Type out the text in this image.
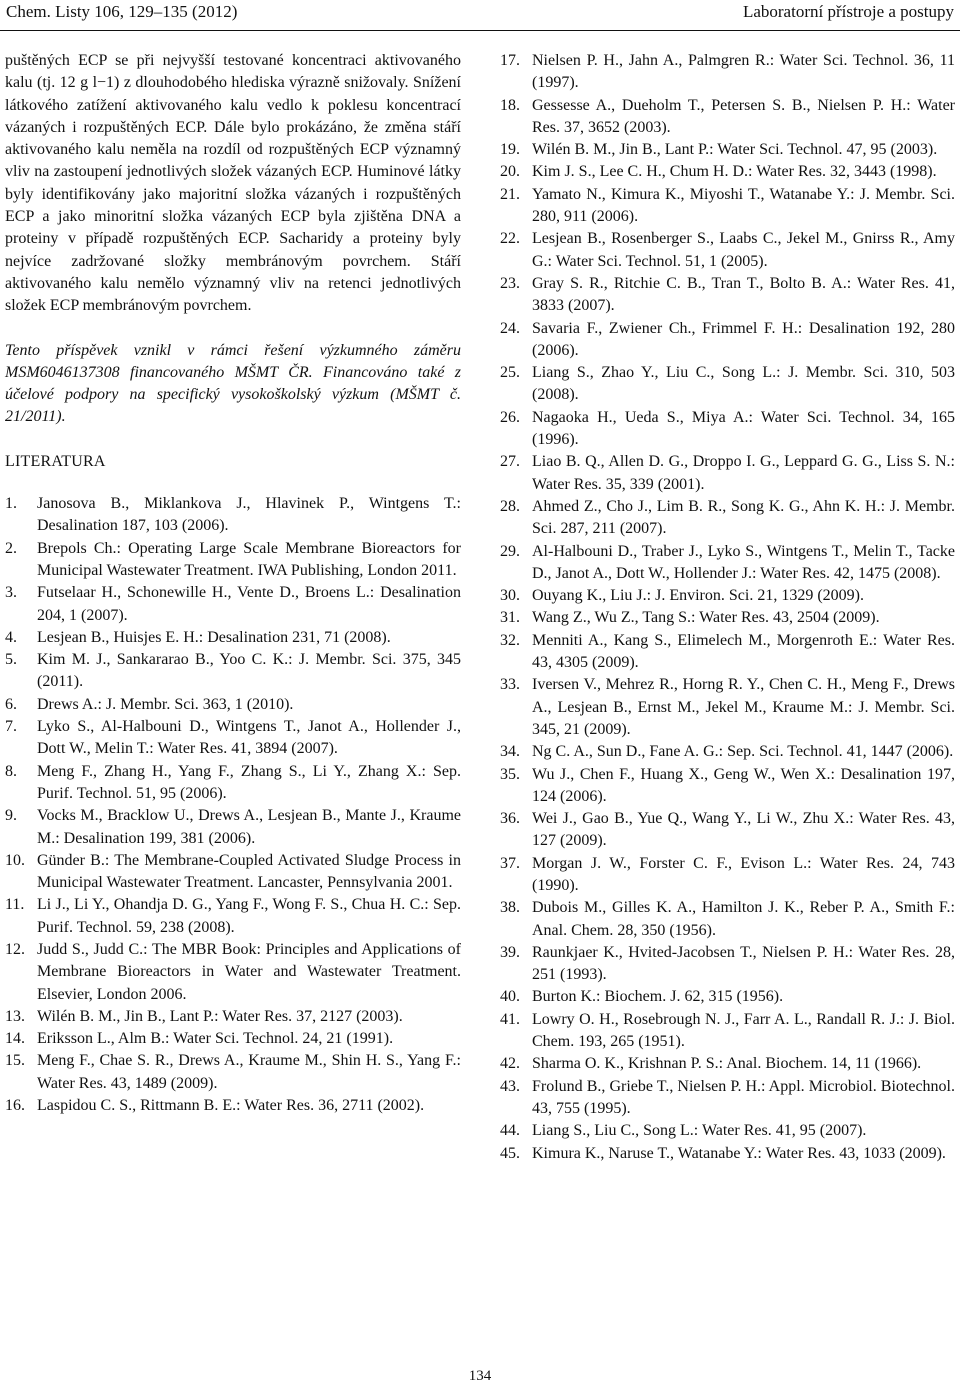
Chem. Listy 106, 129–135 (2012)	Laboratorní přístroje a postupy

puštěných ECP se při nejvyšší testované koncentraci aktivovaného kalu (tj. 12 g l−1) z dlouhodobého hlediska výrazně snižovaly. Snížení látkového zatížení aktivovaného kalu vedlo k poklesu koncentrací vázaných i rozpuštěných ECP. Dále bylo prokázáno, že změna stáří aktivovaného kalu neměla na rozdíl od rozpuštěných ECP významný vliv na zastoupení jednotlivých složek vázaných ECP. Huminové látky byly identifikovány jako majoritní složka vázaných i rozpuštěných ECP a jako minoritní složka vázaných ECP byla zjištěna DNA a proteiny v případě rozpuštěných ECP. Sacharidy a proteiny byly nejvíce zadržované složky membránovým povrchem. Stáří aktivovaného kalu nemělo významný vliv na retenci jednotlivých složek ECP membránovým povrchem.

Tento příspěvek vznikl v rámci řešení výzkumného záměru MSM6046137308 financovaného MŠMT ČR. Financováno také z účelové podpory na specifický vysokoškolský výzkum (MŠMT č. 21/2011).

LITERATURA
1.	Janosova B., Miklankova J., Hlavinek P., Wintgens T.: Desalination 187, 103 (2006).
2.	Brepols Ch.: Operating Large Scale Membrane Bioreactors for Municipal Wastewater Treatment. IWA Publishing, London 2011.
3.	Futselaar H., Schonewille H., Vente D., Broens L.: Desalination 204, 1 (2007).
4.	Lesjean B., Huisjes E. H.: Desalination 231, 71 (2008).
5.	Kim M. J., Sankararao B., Yoo C. K.: J. Membr. Sci. 375, 345 (2011).
6.	Drews A.: J. Membr. Sci. 363, 1 (2010).
7.	Lyko S., Al-Halbouni D., Wintgens T., Janot A., Hollender J., Dott W., Melin T.: Water Res. 41, 3894 (2007).
8.	Meng F., Zhang H., Yang F., Zhang S., Li Y., Zhang X.: Sep. Purif. Technol. 51, 95 (2006).
9.	Vocks M., Bracklow U., Drews A., Lesjean B., Mante J., Kraume M.: Desalination 199, 381 (2006).
10. Günder B.: The Membrane-Coupled Activated Sludge Process in Municipal Wastewater Treatment. Lancaster, Pennsylvania 2001.
11. Li J., Li Y., Ohandja D. G., Yang F., Wong F. S., Chua H. C.: Sep. Purif. Technol. 59, 238 (2008).
12. Judd S., Judd C.: The MBR Book: Principles and Applications of Membrane Bioreactors in Water and Wastewater Treatment. Elsevier, London 2006.
13. Wilén B. M., Jin B., Lant P.: Water Res. 37, 2127 (2003).
14. Eriksson L., Alm B.: Water Sci. Technol. 24, 21 (1991).
15. Meng F., Chae S. R., Drews A., Kraume M., Shin H. S., Yang F.: Water Res. 43, 1489 (2009).
16. Laspidou C. S., Rittmann B. E.: Water Res. 36, 2711 (2002).
17. Nielsen P. H., Jahn A., Palmgren R.: Water Sci. Technol. 36, 11 (1997).
18. Gessesse A., Dueholm T., Petersen S. B., Nielsen P. H.: Water Res. 37, 3652 (2003).
19. Wilén B. M., Jin B., Lant P.: Water Sci. Technol. 47, 95 (2003).
20. Kim J. S., Lee C. H., Chum H. D.: Water Res. 32, 3443 (1998).
21. Yamato N., Kimura K., Miyoshi T., Watanabe Y.: J. Membr. Sci. 280, 911 (2006).
22. Lesjean B., Rosenberger S., Laabs C., Jekel M., Gnirss R., Amy G.: Water Sci. Technol. 51, 1 (2005).
23. Gray S. R., Ritchie C. B., Tran T., Bolto B. A.: Water Res. 41, 3833 (2007).
24. Savaria F., Zwiener Ch., Frimmel F. H.: Desalination 192, 280 (2006).
25. Liang S., Zhao Y., Liu C., Song L.: J. Membr. Sci. 310, 503 (2008).
26. Nagaoka H., Ueda S., Miya A.: Water Sci. Technol. 34, 165 (1996).
27. Liao B. Q., Allen D. G., Droppo I. G., Leppard G. G., Liss S. N.: Water Res. 35, 339 (2001).
28. Ahmed Z., Cho J., Lim B. R., Song K. G., Ahn K. H.: J. Membr. Sci. 287, 211 (2007).
29. Al-Halbouni D., Traber J., Lyko S., Wintgens T., Melin T., Tacke D., Janot A., Dott W., Hollender J.: Water Res. 42, 1475 (2008).
30. Ouyang K., Liu J.: J. Environ. Sci. 21, 1329 (2009).
31. Wang Z., Wu Z., Tang S.: Water Res. 43, 2504 (2009).
32. Menniti A., Kang S., Elimelech M., Morgenroth E.: Water Res. 43, 4305 (2009).
33. Iversen V., Mehrez R., Horng R. Y., Chen C. H., Meng F., Drews A., Lesjean B., Ernst M., Jekel M., Kraume M.: J. Membr. Sci. 345, 21 (2009).
34. Ng C. A., Sun D., Fane A. G.: Sep. Sci. Technol. 41, 1447 (2006).
35. Wu J., Chen F., Huang X., Geng W., Wen X.: Desalination 197, 124 (2006).
36. Wei J., Gao B., Yue Q., Wang Y., Li W., Zhu X.: Water Res. 43, 127 (2009).
37. Morgan J. W., Forster C. F., Evison L.: Water Res. 24, 743 (1990).
38. Dubois M., Gilles K. A., Hamilton J. K., Reber P. A., Smith F.: Anal. Chem. 28, 350 (1956).
39. Raunkjaer K., Hvited-Jacobsen T., Nielsen P. H.: Water Res. 28, 251 (1993).
40. Burton K.: Biochem. J. 62, 315 (1956).
41. Lowry O. H., Rosebrough N. J., Farr A. L., Randall R. J.: J. Biol. Chem. 193, 265 (1951).
42. Sharma O. K., Krishnan P. S.: Anal. Biochem. 14, 11 (1966).
43. Frolund B., Griebe T., Nielsen P. H.: Appl. Microbiol. Biotechnol. 43, 755 (1995).
44. Liang S., Liu C., Song L.: Water Res. 41, 95 (2007).
45. Kimura K., Naruse T., Watanabe Y.: Water Res. 43, 1033 (2009).
134
